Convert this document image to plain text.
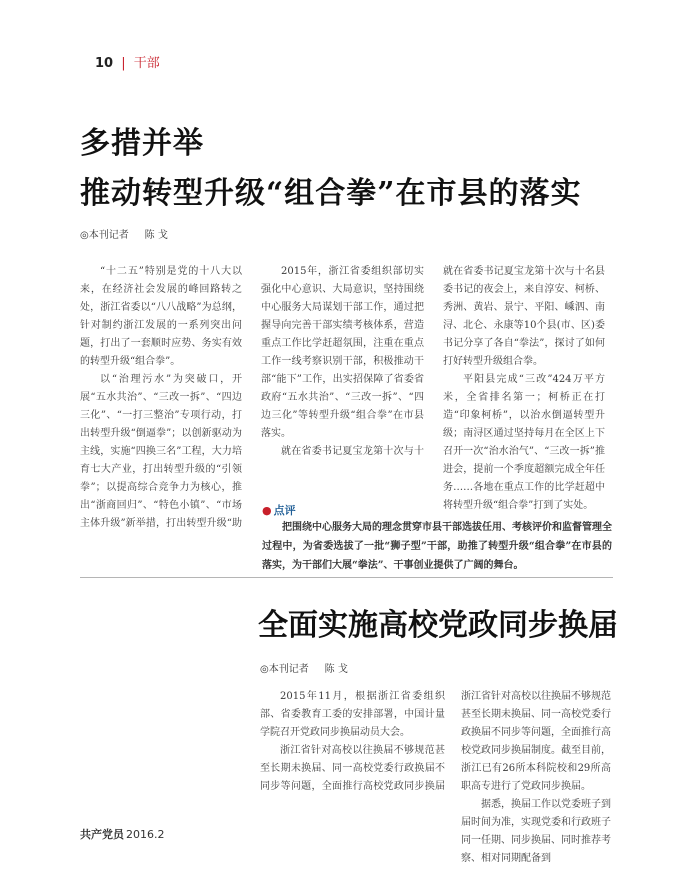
10 | 干部
多措并举
推动转型升级“组合拳”在市县的落实
◎本刊记者 陈 戈

“十二五”特别是党的十八大以来，在经济社会发展的峰回路转之处，浙江省委以“八八战略”为总纲，针对制约浙江发展的一系列突出问题，打出了一套顺时应势、务实有效的转型升级“组合拳”。

以“治理污水”为突破口，开展“五水共治”、“三改一拆”、“四边三化”、“一打三整治”专项行动，打出转型升级“倒逼拳”；以创新驱动为主线，实施“四换三名”工程，大力培育七大产业，打出转型升级的“引领拳”；以提高综合竞争力为核心，推出“浙商回归”、“特色小镇”、“市场主体升级”新举措，打出转型升级“助

2015年，浙江省委组织部切实强化中心意识、大局意识，坚持围绕中心服务大局谋划干部工作，通过把握导向完善干部实绩考核体系，营造重点工作比学赶超氛围，注重在重点工作一线考察识别干部，积极推动干部“能下”工作，出实招保障了省委省政府“五水共治”、“三改一拆”、“四边三化”等转型升级“组合拳”在市县落实。

就在省委书记夏宝龙第十次与十

就在省委书记夏宝龙第十次与十名县委书记的夜会上，来自淳安、柯桥、秀洲、黄岩、景宁、平阳、嵊泗、南浔、北仑、永康等10个县(市、区)委书记分享了各自“拳法”，探讨了如何打好转型升级组合拳。

平阳县完成“三改”424万平方米，全省排名第一；柯桥正在打造“印象柯桥”，以治水倒逼转型升级；南浔区通过坚持每月在全区上下召开一次“治水治气”、“三改一拆”推进会，提前一个季度超额完成全年任务……各地在重点工作的比学赶超中将转型升级“组合拳”打到了实处。

● 点评
把围绕中心服务大局的理念贯穿市县干部选拔任用、考核评价和监督管理全过程中，为省委选拔了一批“狮子型”干部，助推了转型升级“组合拳”在市县的落实，为干部们大展“拳法”、干事创业提供了广阔的舞台。
全面实施高校党政同步换届
◎本刊记者 陈 戈

2015年11月，根据浙江省委组织部、省委教育工委的安排部署，中国计量学院召开党政同步换届动员大会。

浙江省针对高校以往换届不够规范甚至长期未换届、同一高校党委行政换届不同步等问题，全面推行高校党政同步换届

浙江省针对高校以往换届不够规范甚至长期未换届、同一高校党委行政换届不同步等问题，全面推行高校党政同步换届制度。截至目前，浙江已有26所本科院校和29所高职高专进行了党政同步换届。

据悉，换届工作以党委班子到届时间为准，实现党委和行政班子同一任期、同步换届、同时推荐考察、相对同期配备到

共产党员 2016.2
